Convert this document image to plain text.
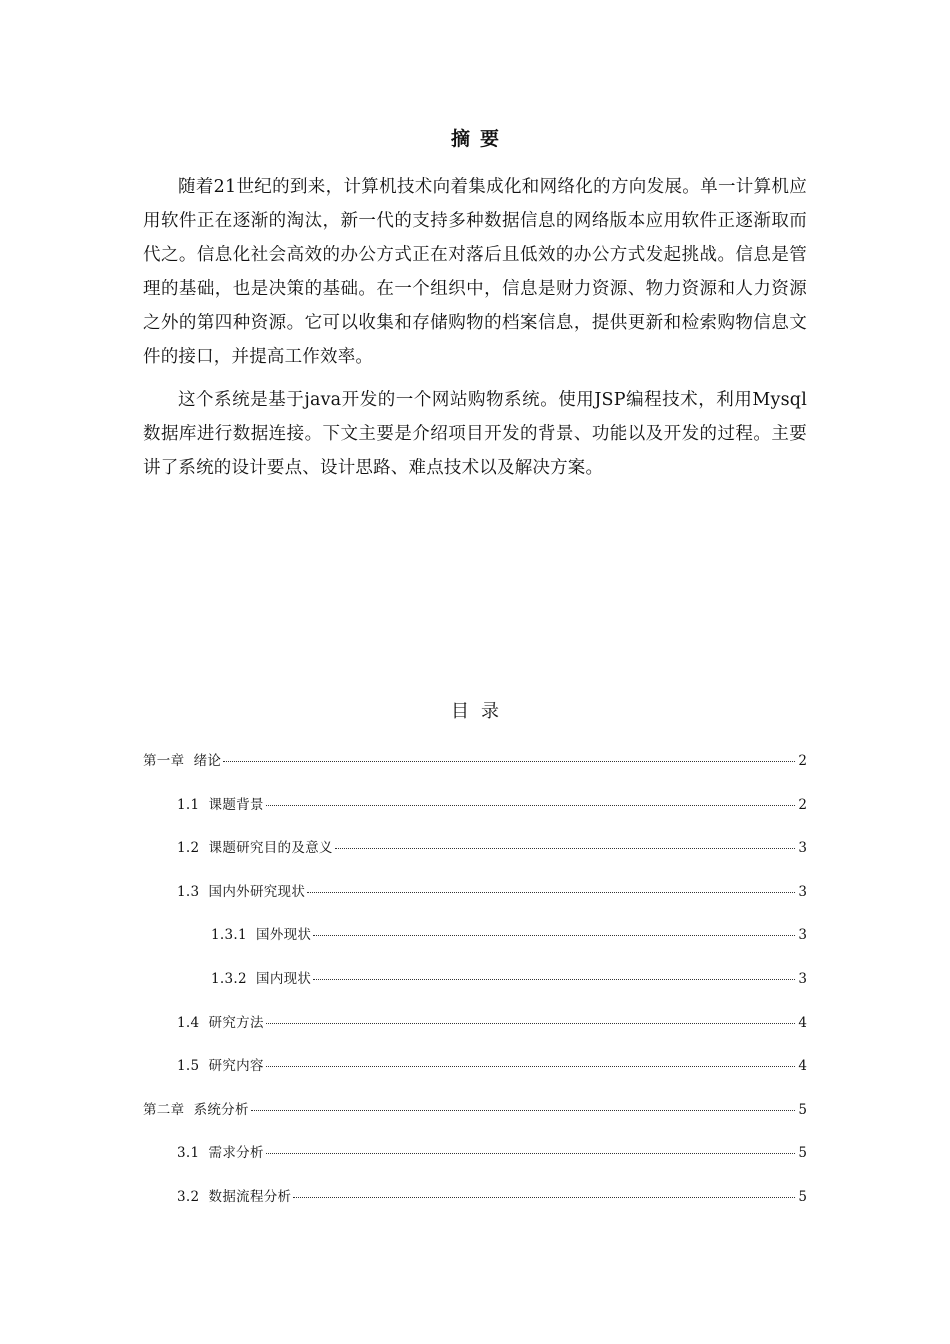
摘要

随着21世纪的到来，计算机技术向着集成化和网络化的方向发展。单一计算机应用软件正在逐渐的淘汰，新一代的支持多种数据信息的网络版本应用软件正逐渐取而代之。信息化社会高效的办公方式正在对落后且低效的办公方式发起挑战。信息是管理的基础，也是决策的基础。在一个组织中，信息是财力资源、物力资源和人力资源之外的第四种资源。它可以收集和存储购物的档案信息，提供更新和检索购物信息文件的接口，并提高工作效率。

这个系统是基于java开发的一个网站购物系统。使用JSP编程技术，利用Mysql数据库进行数据连接。下文主要是介绍项目开发的背景、功能以及开发的过程。主要讲了系统的设计要点、设计思路、难点技术以及解决方案。

目录
第一章  绪论	2
1.1  课题背景	2
1.2  课题研究目的及意义	3
1.3  国内外研究现状	3
1.3.1  国外现状	3
1.3.2  国内现状	3
1.4  研究方法	4
1.5  研究内容	4
第二章  系统分析	5
3.1  需求分析	5
3.2  数据流程分析	5
